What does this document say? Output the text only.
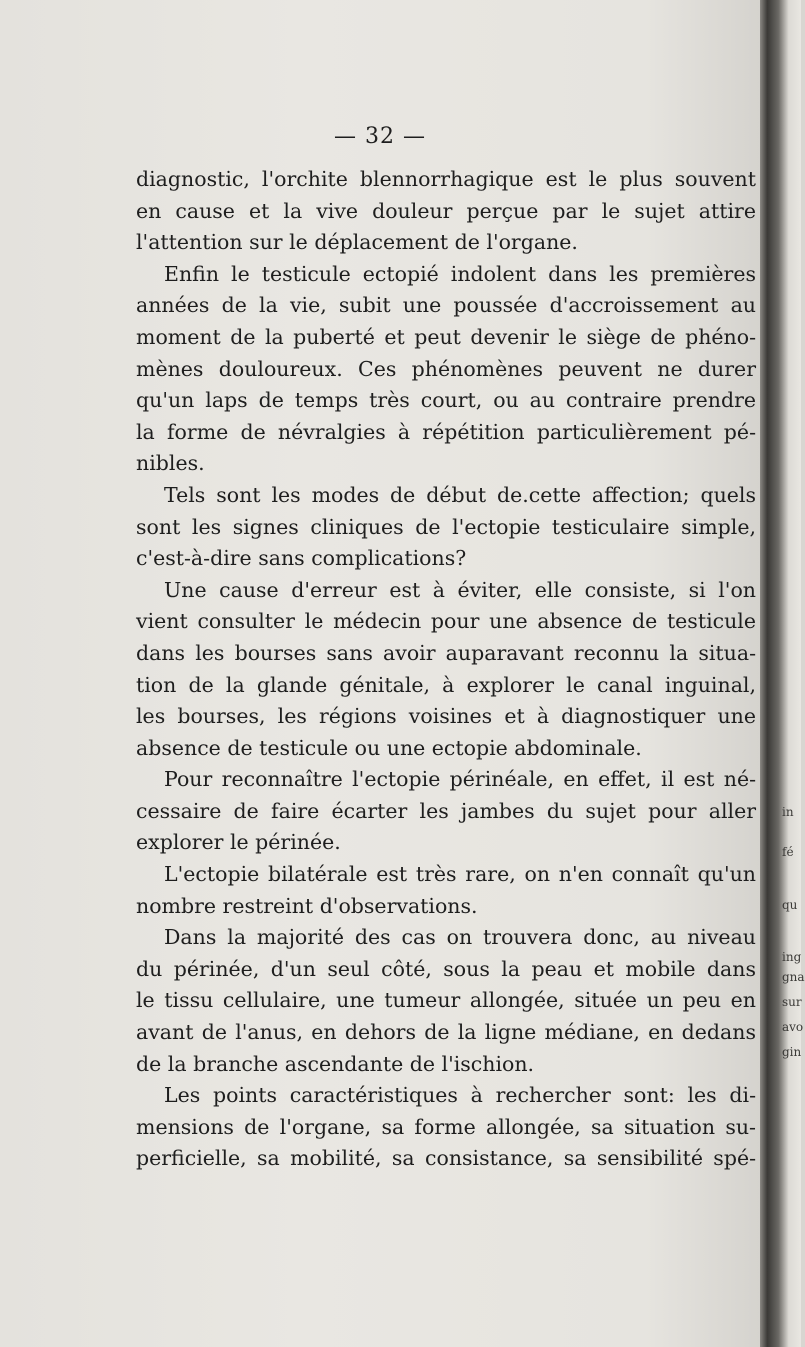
— 32 —

diagnostic, l'orchite blennorrhagique est le plus souvent
en cause et la vive douleur perçue par le sujet attire
l'attention sur le déplacement de l'organe.
Enfin le testicule ectopié indolent dans les premières
années de la vie, subit une poussée d'accroissement au
moment de la puberté et peut devenir le siège de phéno-
mènes douloureux. Ces phénomènes peuvent ne durer
qu'un laps de temps très court, ou au contraire prendre
la forme de névralgies à répétition particulièrement pé-
nibles.
Tels sont les modes de début de.cette affection; quels
sont les signes cliniques de l'ectopie testiculaire simple,
c'est-à-dire sans complications?
Une cause d'erreur est à éviter, elle consiste, si l'on
vient consulter le médecin pour une absence de testicule
dans les bourses sans avoir auparavant reconnu la situa-
tion de la glande génitale, à explorer le canal inguinal,
les bourses, les régions voisines et à diagnostiquer une
absence de testicule ou une ectopie abdominale.
Pour reconnaître l'ectopie périnéale, en effet, il est né-
cessaire de faire écarter les jambes du sujet pour aller
explorer le périnée.
L'ectopie bilatérale est très rare, on n'en connaît qu'un
nombre restreint d'observations.
Dans la majorité des cas on trouvera donc, au niveau
du périnée, d'un seul côté, sous la peau et mobile dans
le tissu cellulaire, une tumeur allongée, située un peu en
avant de l'anus, en dehors de la ligne médiane, en dedans
de la branche ascendante de l'ischion.
Les points caractéristiques à rechercher sont: les di-
mensions de l'organe, sa forme allongée, sa situation su-
perficielle, sa mobilité, sa consistance, sa sensibilité spé-
in
fé
qu
ing
gna
sur
avo
gin
